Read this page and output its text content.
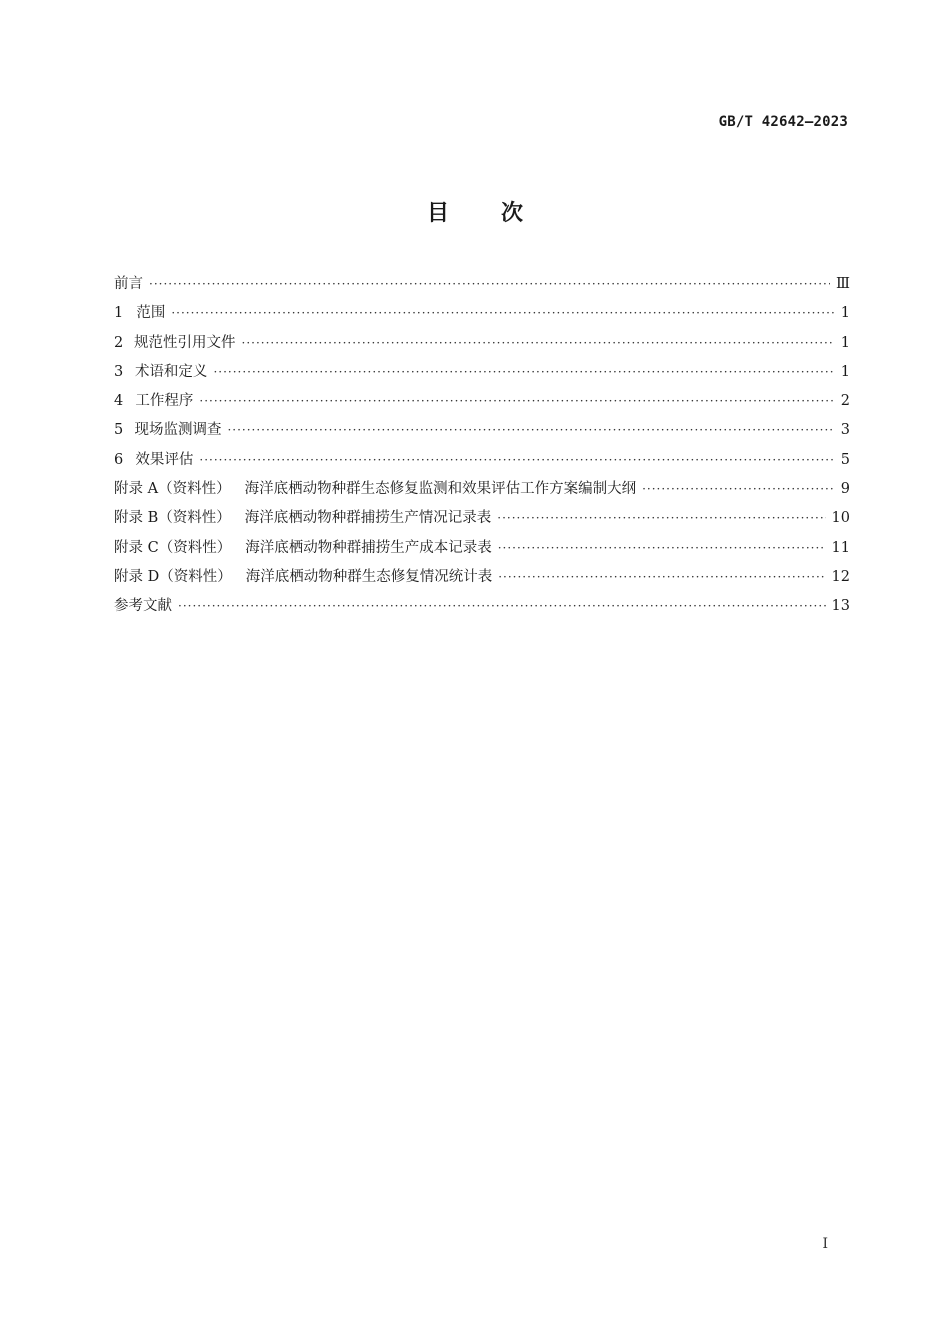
GB/T 42642—2023
目次
前言 ·····	Ⅲ
1 范围 ·····	1
2 规范性引用文件 ·····	1
3 术语和定义 ·····	1
4 工作程序 ·····	2
5 现场监测调查 ·····	3
6 效果评估 ·····	5
附录 A（资料性） 海洋底栖动物种群生态修复监测和效果评估工作方案编制大纲 ·····	9
附录 B（资料性） 海洋底栖动物种群捕捞生产情况记录表 ·····	10
附录 C（资料性） 海洋底栖动物种群捕捞生产成本记录表 ·····	11
附录 D（资料性） 海洋底栖动物种群生态修复情况统计表 ·····	12
参考文献 ·····	13
I
